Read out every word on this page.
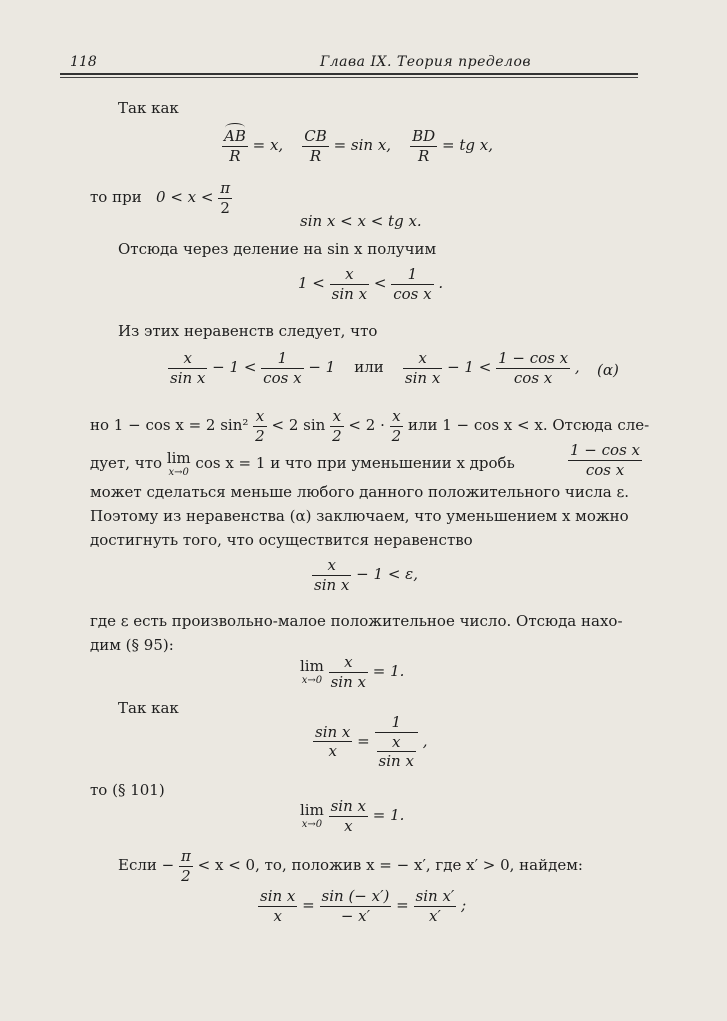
118	Глава IX. Теория пределов
Так как
$\frac{AB}{R} = x$, $\frac{CB}{R} = \sin x$, $\frac{BD}{R}$ = tg x,
то при $0 < x < \frac{\pi}{2}$
sin x < x < tg x.
Отсюда через деление на sin x получим
$1 < \frac{x}{\text{sin x}} < \frac{1}{\text{cos x}}$ .
Из этих неравенств следует, что
$\frac{x}{\text{sin x}} - 1 < \frac{1}{\text{cos x}} - 1$ или $\frac{x}{\text{sin x}} - 1 < \frac{\text{1 − cos x}}{\text{cos x}}$ , (α)
но 1 − cos x = 2 $\sin^2 \frac{x}{2} < 2$ $\sin \frac{x}{2} < 2 \cdot \frac{x}{2}$ или 1 − cos x < x. Отсюда сле-
дует, что lim
x→0
cos x = 1 и что при уменьшении x дробь	$\frac{\text{1 − cos x}}{\text{cos x}}$
может сделаться меньше любого данного положительного числа ε.
Поэтому из неравенства (α) заключаем, что уменьшением x можно
достигнуть того, что осуществится неравенство
$\frac{x}{\text{sin x}} - 1 < \varepsilon$,
где ε есть произвольно-малое положительное число. Отсюда нахо-
дим (§ 95):
lim
x→0
$\frac{x}{\text{sin x}} = 1$.
Так как
$\frac{\text{sin x}}{x} = \frac{1}{\frac{x}{\text{sin x}}}$ ,
то (§ 101)
lim
x→0
$\frac{\text{sin x}}{x} = 1$.
Если − $\frac{\pi}{2} < x < 0$, то, положив x = − x′, где x′ > 0, найдем:
$\frac{\text{sin x}}{x} = \frac{\sin (- x')}{- x'} = \frac{\text{sin x′}}{x'}$ ;
